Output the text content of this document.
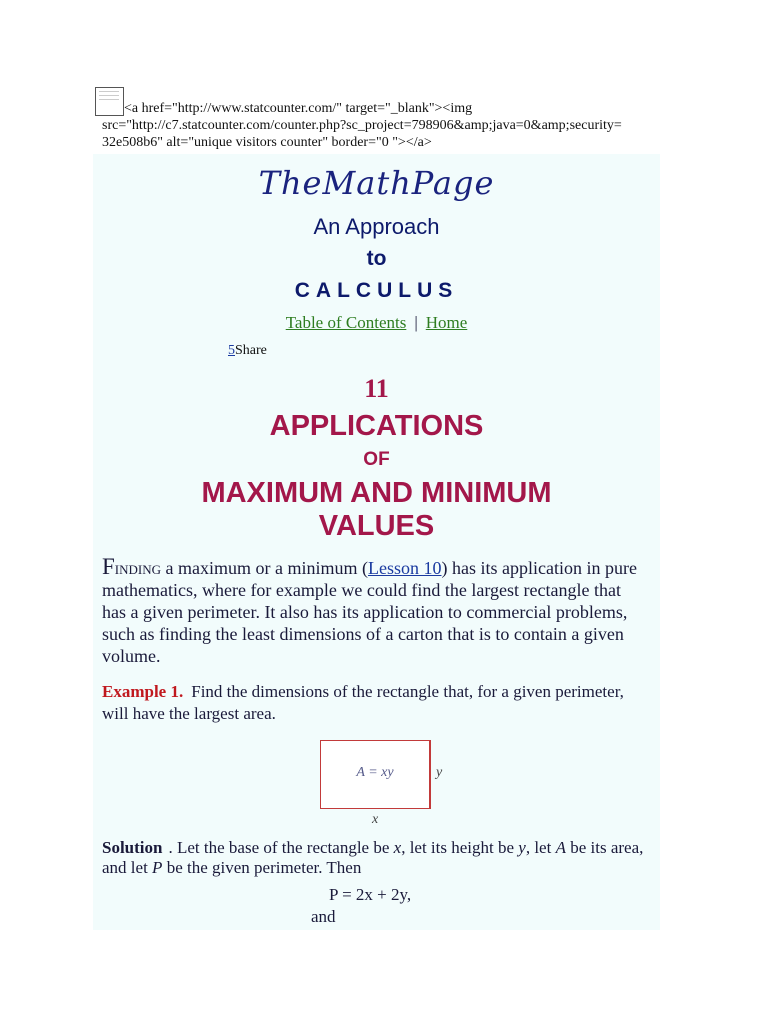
<a href="http://www.statcounter.com/" target="_blank"><img
src="http://c7.statcounter.com/counter.php?sc_project=798906&amp;java=0&amp;security=
32e508b6" alt="unique visitors counter" border="0 "></a>
TheMathPage
An Approach
to
CALCULUS
Table of Contents | Home
5Share
11
APPLICATIONS
OF
MAXIMUM AND MINIMUM
VALUES
Finding a maximum or a minimum (Lesson 10) has its application in pure mathematics, where for example we could find the largest rectangle that has a given perimeter. It also has its application to commercial problems, such as finding the least dimensions of a carton that is to contain a given volume.
Example 1. Find the dimensions of the rectangle that, for a given perimeter, will have the largest area.
A = xy	y
x
Solution . Let the base of the rectangle be x, let its height be y, let A be its area, and let P be the given perimeter. Then
P = 2x + 2y,
and
